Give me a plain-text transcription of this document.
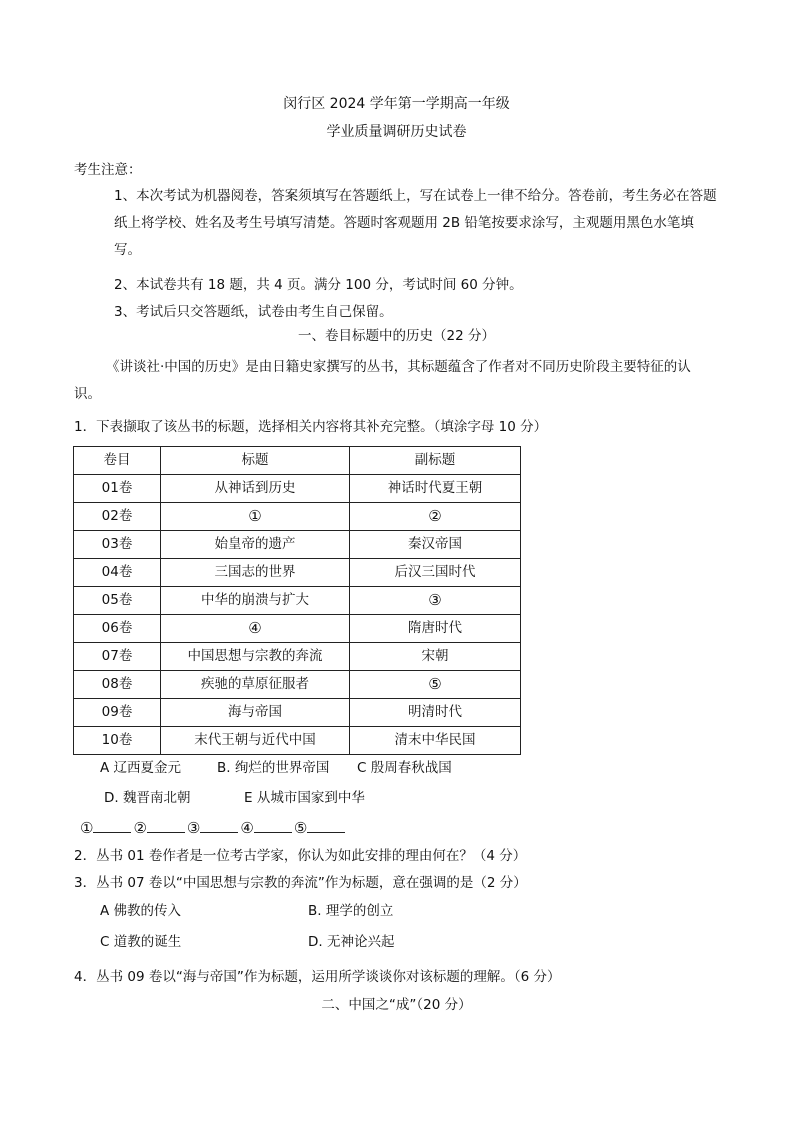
闵行区 2024 学年第一学期高一年级
学业质量调研历史试卷
考生注意：
1、本次考试为机器阅卷，答案须填写在答题纸上，写在试卷上一律不给分。答卷前，考生务必在答题纸上将学校、姓名及考生号填写清楚。答题时客观题用 2B 铅笔按要求涂写，主观题用黑色水笔填写。
2、本试卷共有 18 题，共 4 页。满分 100 分，考试时间 60 分钟。
3、考试后只交答题纸，试卷由考生自己保留。
一、卷目标题中的历史（22 分）
《讲谈社·中国的历史》是由日籍史家撰写的丛书，其标题蕴含了作者对不同历史阶段主要特征的认识。
1．下表撷取了该丛书的标题，选择相关内容将其补充完整。（填涂字母 10 分）
卷目	标题	副标题
01卷	从神话到历史	神话时代夏王朝
02卷	①	②
03卷	始皇帝的遗产	秦汉帝国
04卷	三国志的世界	后汉三国时代
05卷	中华的崩溃与扩大	③
06卷	④	隋唐时代
07卷	中国思想与宗教的奔流	宋朝
08卷	疾驰的草原征服者	⑤
09卷	海与帝国	明清时代
10卷	末代王朝与近代中国	清末中华民国
A 辽西夏金元	B. 绚烂的世界帝国 C 殷周春秋战国
D. 魏晋南北朝	E 从城市国家到中华
①	②	③	④	⑤
2．丛书 01 卷作者是一位考古学家，你认为如此安排的理由何在？（4 分）
3．丛书 07 卷以“中国思想与宗教的奔流”作为标题，意在强调的是（2 分）
A 佛教的传入	B. 理学的创立
C 道教的诞生	D. 无神论兴起
4．丛书 09 卷以“海与帝国”作为标题，运用所学谈谈你对该标题的理解。（6 分）
二、中国之“成”（20 分）
